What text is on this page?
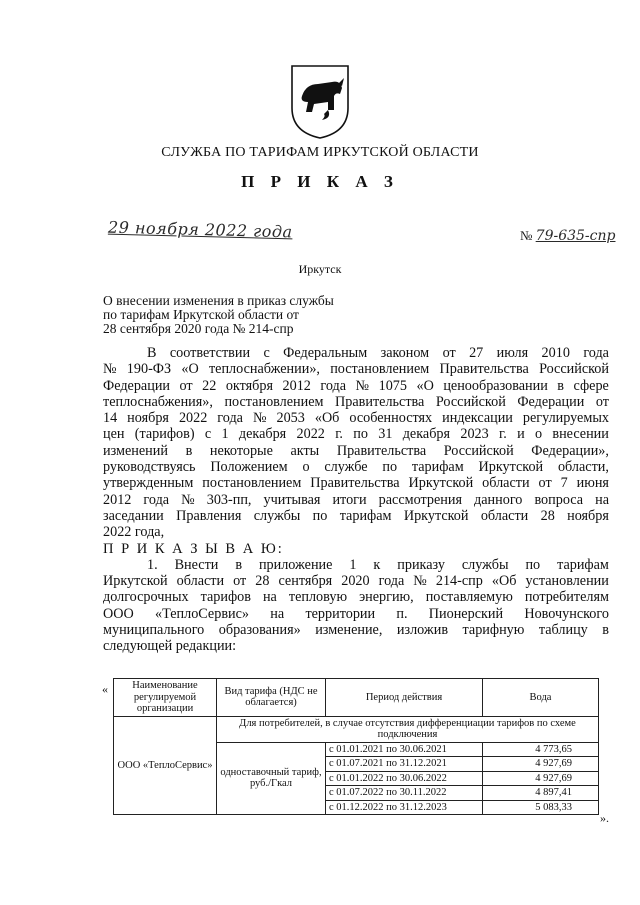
СЛУЖБА ПО ТАРИФАМ ИРКУТСКОЙ ОБЛАСТИ
П Р И К А З
29 ноября 2022 года	№ 79-635-спр
Иркутск
О внесении изменения в приказ службы
по тарифам Иркутской области от
28 сентября 2020 года № 214-спр
В соответствии с Федеральным законом от 27 июля 2010 года
№ 190-ФЗ «О теплоснабжении», постановлением Правительства Российской
Федерации от 22 октября 2012 года № 1075 «О ценообразовании в сфере
теплоснабжения», постановлением Правительства Российской Федерации от
14 ноября 2022 года № 2053 «Об особенностях индексации регулируемых
цен (тарифов) с 1 декабря 2022 г. по 31 декабря 2023 г. и о внесении
изменений в некоторые акты Правительства Российской Федерации»,
руководствуясь Положением о службе по тарифам Иркутской области,
утвержденным постановлением Правительства Иркутской области от 7 июня
2012 года № 303-пп, учитывая итоги рассмотрения данного вопроса на
заседании Правления службы по тарифам Иркутской области 28 ноября
2022 года,
П Р И К А З Ы В А Ю:
1. Внести в приложение 1 к приказу службы по тарифам
Иркутской области от 28 сентября 2020 года № 214-спр «Об установлении
долгосрочных тарифов на тепловую энергию, поставляемую потребителям
ООО «ТеплоСервис» на территории п. Пионерский Новочунского
муниципального образования» изменение, изложив тарифную таблицу в
следующей редакции:
«
».
Наименование регулируемой организации	Вид тарифа (НДС не облагается)	Период действия	Вода
ООО «ТеплоСервис»	Для потребителей, в случае отсутствия дифференциации тарифов по схеме подключения		
	одноставочный тариф, руб./Гкал	с 01.01.2021 по 30.06.2021	4 773,65
		с 01.07.2021 по 31.12.2021	4 927,69
		с 01.01.2022 по 30.06.2022	4 927,69
		с 01.07.2022 по 30.11.2022	4 897,41
		с 01.12.2022 по 31.12.2023	5 083,33
